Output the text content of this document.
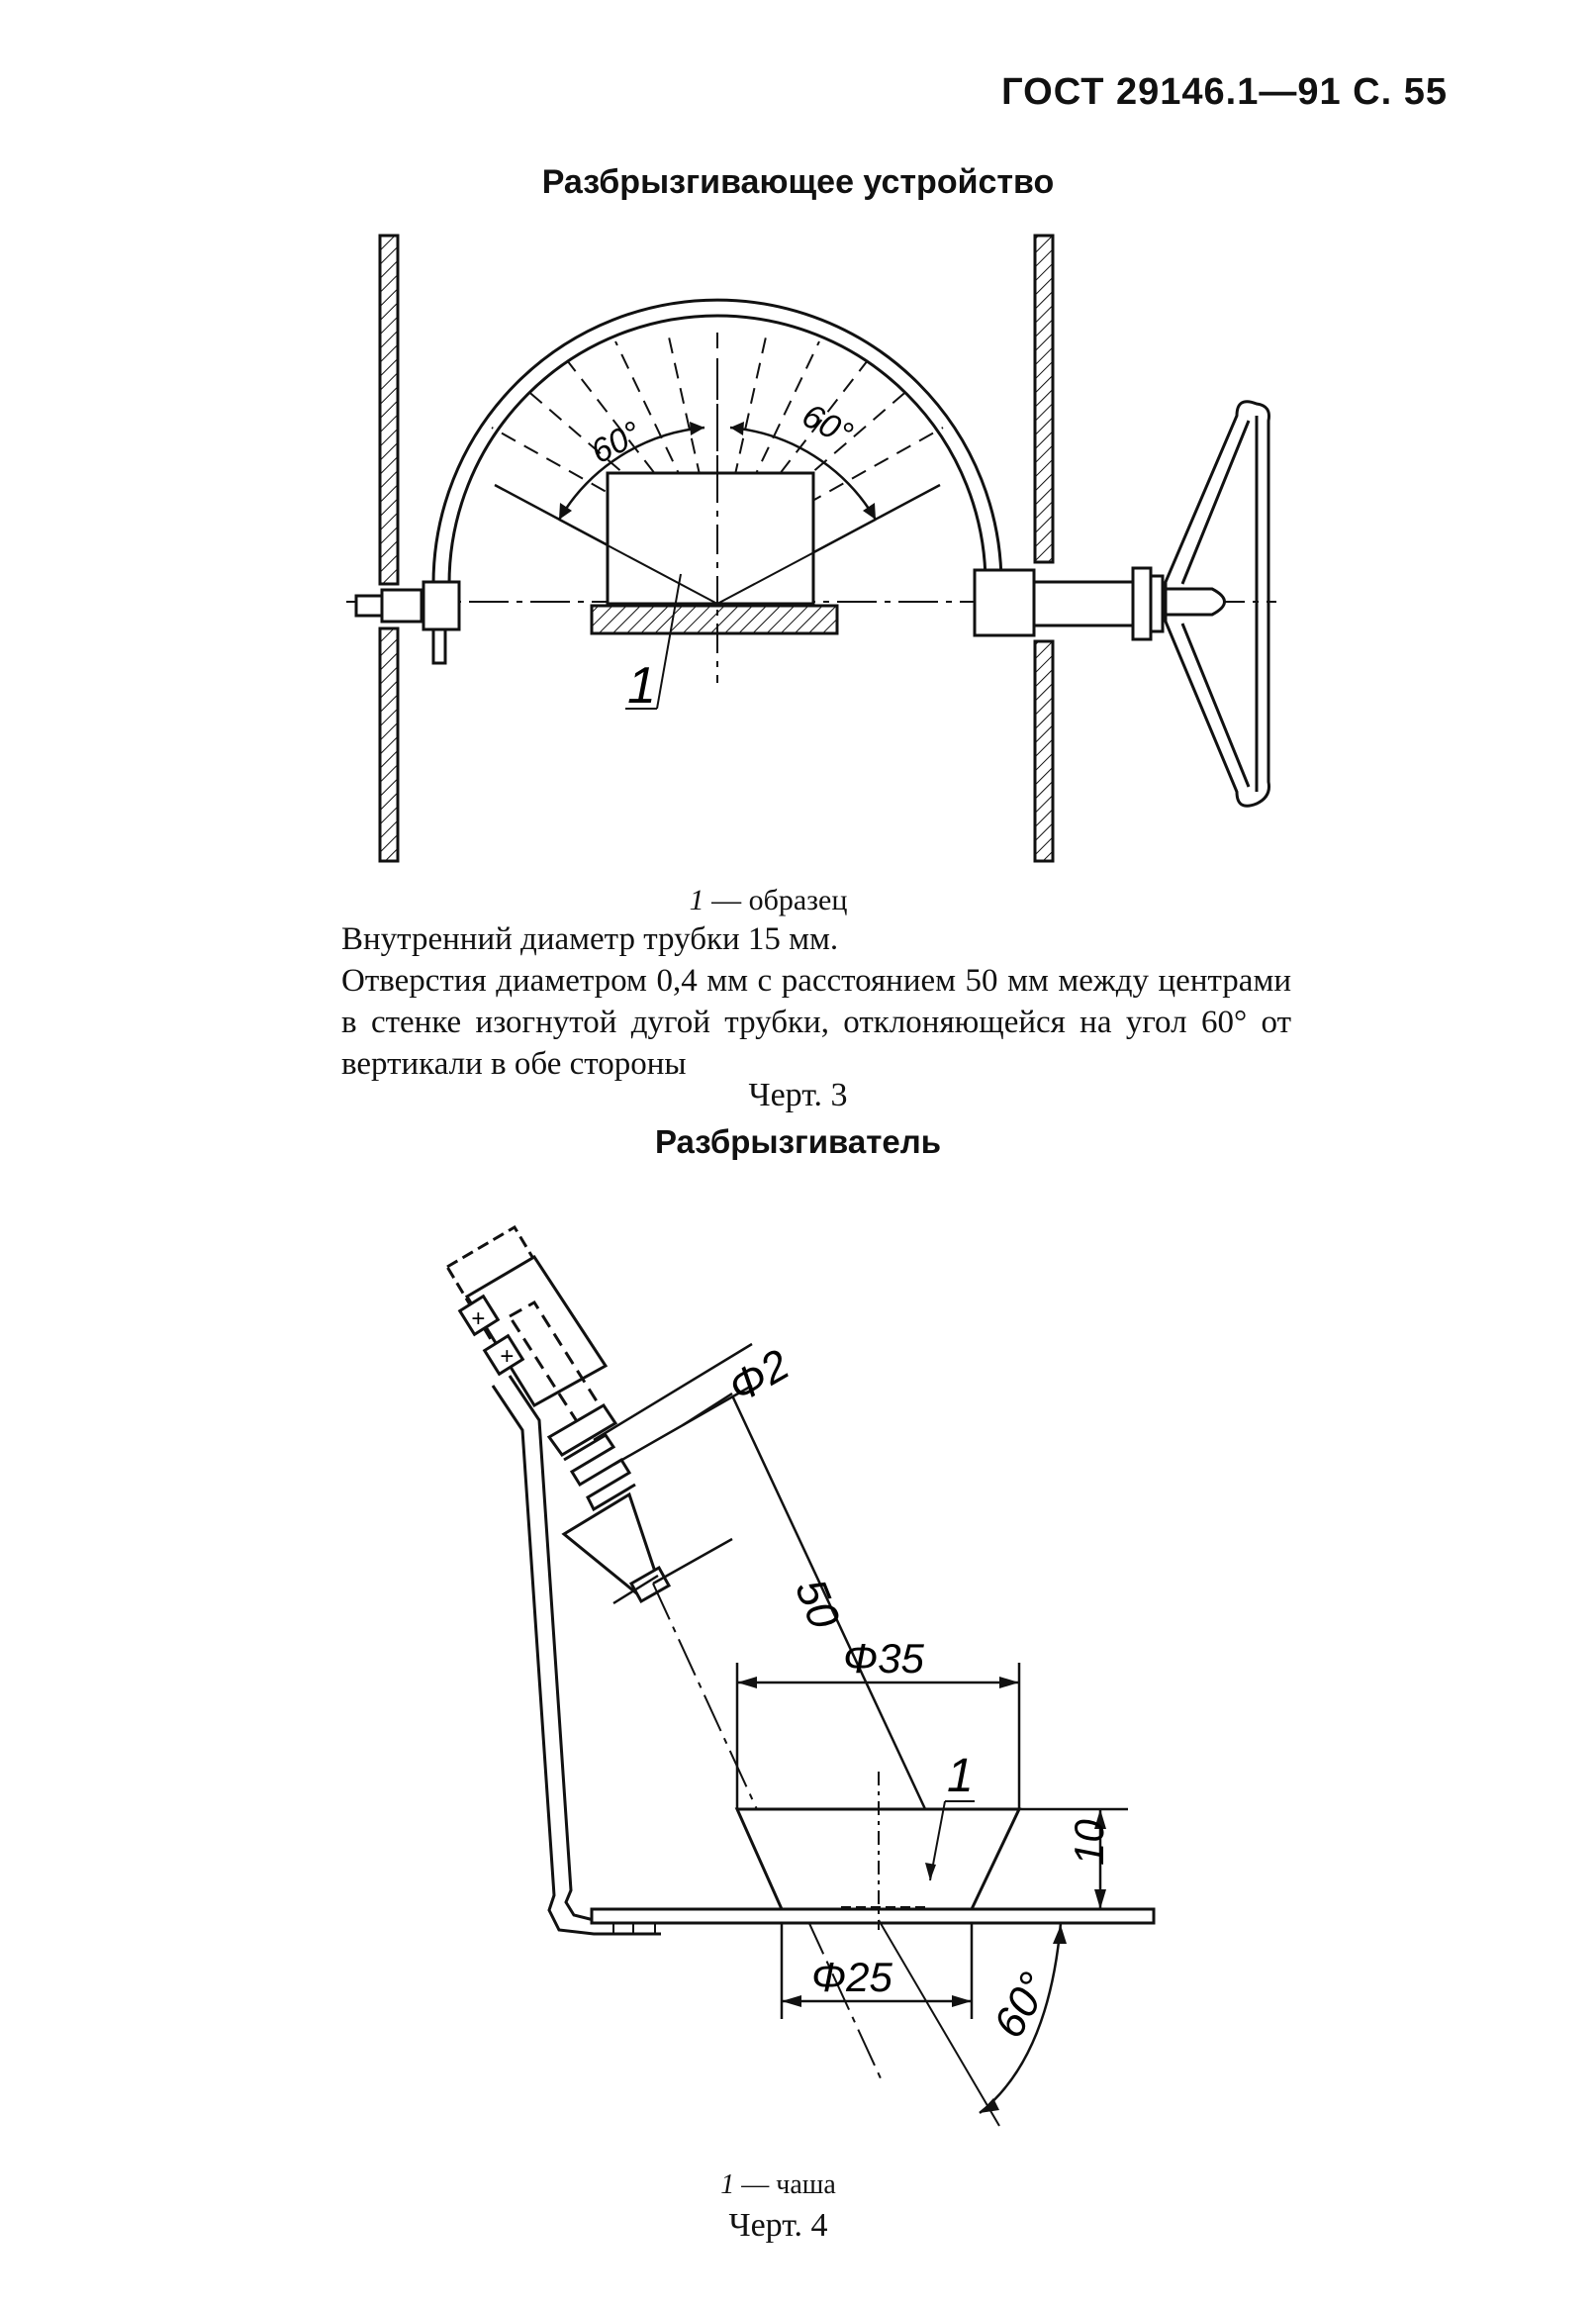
ГОСТ 29146.1—91 С. 55
Разбрызгивающее устройство
60°	60°
1
1 — образец

Внутренний диаметр трубки 15 мм.

Отверстия диаметром 0,4 мм с расстоянием 50 мм между центрами в стенке изогнутой дугой трубки, отклоняющейся на угол 60° от вертикали в обе стороны

Черт. 3
Разбрызгиватель
+
+	Φ2
50
Φ35
Φ25
10
60°
1
1 — чаша
Черт. 4
